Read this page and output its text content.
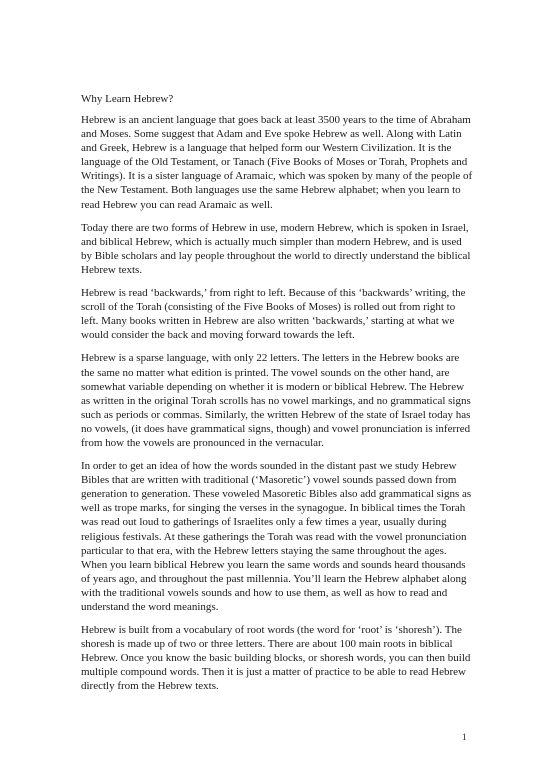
Why Learn Hebrew?

Hebrew is an ancient language that goes back at least 3500 years to the time of Abraham and Moses. Some suggest that Adam and Eve spoke Hebrew as well. Along with Latin and Greek, Hebrew is a language that helped form our Western Civilization. It is the language of the Old Testament, or Tanach (Five Books of Moses or Torah, Prophets and Writings). It is a sister language of Aramaic, which was spoken by many of the people of the New Testament. Both languages use the same Hebrew alphabet; when you learn to read Hebrew you can read Aramaic as well.

Today there are two forms of Hebrew in use, modern Hebrew, which is spoken in Israel, and biblical Hebrew, which is actually much simpler than modern Hebrew, and is used by Bible scholars and lay people throughout the world to directly understand the biblical Hebrew texts.

Hebrew is read ‘backwards,’ from right to left. Because of this ‘backwards’ writing, the scroll of the Torah (consisting of the Five Books of Moses) is rolled out from right to left. Many books written in Hebrew are also written ‘backwards,’ starting at what we would consider the back and moving forward towards the left.

Hebrew is a sparse language, with only 22 letters. The letters in the Hebrew books are the same no matter what edition is printed. The vowel sounds on the other hand, are somewhat variable depending on whether it is modern or biblical Hebrew. The Hebrew as written in the original Torah scrolls has no vowel markings, and no grammatical signs such as periods or commas. Similarly, the written Hebrew of the state of Israel today has no vowels, (it does have grammatical signs, though) and vowel pronunciation is inferred from how the vowels are pronounced in the vernacular.

In order to get an idea of how the words sounded in the distant past we study Hebrew Bibles that are written with traditional (‘Masoretic’) vowel sounds passed down from generation to generation. These voweled Masoretic Bibles also add grammatical signs as well as trope marks, for singing the verses in the synagogue. In biblical times the Torah was read out loud to gatherings of Israelites only a few times a year, usually during religious festivals. At these gatherings the Torah was read with the vowel pronunciation particular to that era, with the Hebrew letters staying the same throughout the ages. When you learn biblical Hebrew you learn the same words and sounds heard thousands of years ago, and throughout the past millennia. You’ll learn the Hebrew alphabet along with the traditional vowels sounds and how to use them, as well as how to read and understand the word meanings.

Hebrew is built from a vocabulary of root words (the word for ‘root’ is ‘shoresh’). The shoresh is made up of two or three letters. There are about 100 main roots in biblical Hebrew. Once you know the basic building blocks, or shoresh words, you can then build multiple compound words. Then it is just a matter of practice to be able to read Hebrew directly from the Hebrew texts.

1
